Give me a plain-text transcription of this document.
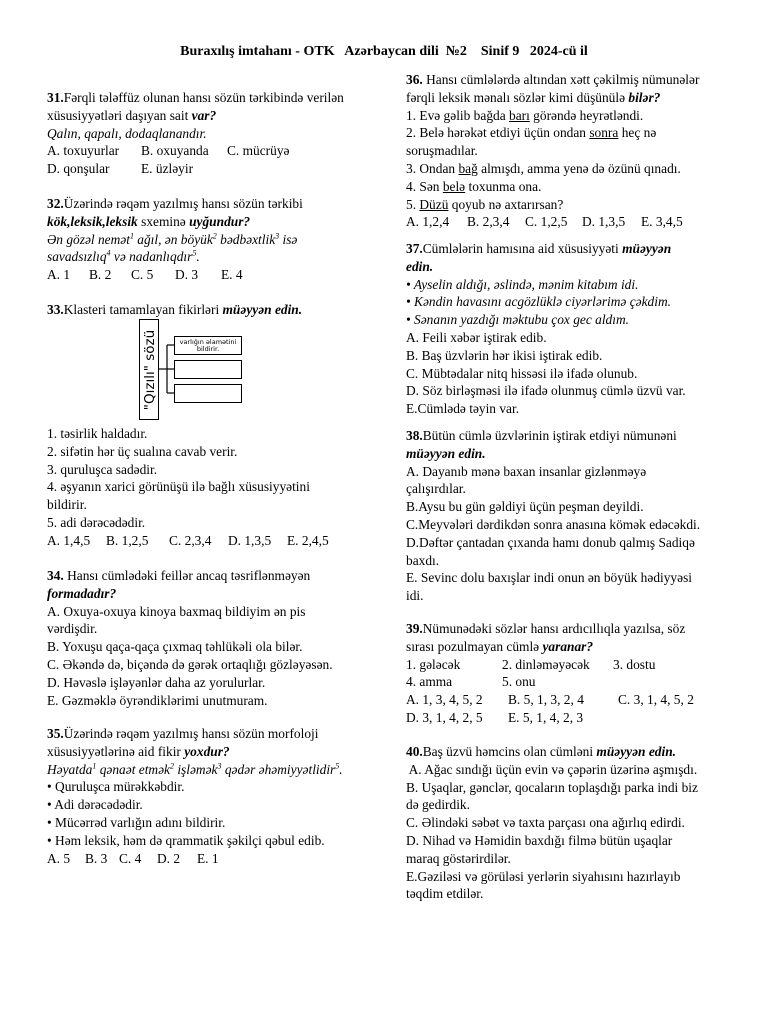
Buraxılış imtahanı - OTK   Azərbaycan dili  №2    Sinif 9   2024-cü il
31.Fərqli tələffüz olunan hansı sözün tərkibində verilən
xüsusiyyətləri daşıyan sait var?
Qalın, qapalı, dodaqlanandır.
A. toxuyurlar B. oxuyanda C. mücrüyə
D. qonşular E. üzləyir
32.Üzərində rəqəm yazılmış hansı sözün tərkibi
kök,leksik,leksik sxeminə uyğundur?
Ən gözəl nemət$^1$ ağıl, ən böyük$^2$ bədbəxtlik$^3$ isə
savadsızlıq$^4$ və nadanlıqdır$^5$.
A. 1 B. 2 C. 5 D. 3 E. 4
33.Klasteri tamamlayan fikirləri müəyyən edin.
"Qızılı" sözü	varlığın əlamətini bildirir.
1. təsirlik haldadır.
2. sifətin hər üç sualına cavab verir.
3. quruluşca sadədir.
4. əşyanın xarici görünüşü ilə bağlı xüsusiyyətini
bildirir.
5. adi dərəcədədir.
A. 1,4,5 B. 1,2,5 C. 2,3,4 D. 1,3,5 E. 2,4,5
34. Hansı cümlədəki feillər ancaq təsriflənməyən
formadadır?
A. Oxuya-oxuya kinoya baxmaq bildiyim ən pis
vərdişdir.
B. Yoxuşu qaça-qaça çıxmaq təhlükəli ola bilər.
C. Əkəndə də, biçəndə də gərək ortaqlığı gözləyəsən.
D. Həvəslə işləyənlər daha az yorulurlar.
E. Gəzməklə öyrəndiklərimi unutmuram.
35.Üzərində rəqəm yazılmış hansı sözün morfoloji
xüsusiyyətlərinə aid fikir yoxdur?
Həyatda$^1$ qənaət etmək$^2$ işləmək$^3$ qədər əhəmiyyətlidir$^5$.
• Quruluşca mürəkkəbdir.
• Adi dərəcədədir.
• Mücərrəd varlığın adını bildirir.
• Həm leksik, həm də qrammatik şəkilçi qəbul edib.
A. 5 B. 3 C. 4 D. 2 E. 1
36. Hansı cümlələrdə altından xətt çəkilmiş nümunələr
fərqli leksik mənalı sözlər kimi düşünülə bilər?
1. Evə gəlib bağda barı görəndə heyrətləndi.
2. Belə hərəkət etdiyi üçün ondan sonra heç nə
soruşmadılar.
3. Ondan bağ almışdı, amma yenə də özünü qınadı.
4. Sən belə toxunma ona.
5. Düzü qoyub nə axtarırsan?
A. 1,2,4 B. 2,3,4 C. 1,2,5 D. 1,3,5 E. 3,4,5
37.Cümlələrin hamısına aid xüsusiyyəti müəyyən
edin.
• Ayselin aldığı, əslində, mənim kitabım idi.
• Kəndin havasını acgözlüklə ciyərlərimə çəkdim.
• Sənanın yazdığı məktubu çox gec aldım.
A. Feili xəbər iştirak edib.
B. Baş üzvlərin hər ikisi iştirak edib.
C. Mübtədalar nitq hissəsi ilə ifadə olunub.
D. Söz birləşməsi ilə ifadə olunmuş cümlə üzvü var.
E.Cümlədə təyin var.
38.Bütün cümlə üzvlərinin iştirak etdiyi nümunəni
müəyyən edin.
A. Dayanıb mənə baxan insanlar gizlənməyə
çalışırdılar.
B.Aysu bu gün gəldiyi üçün peşman deyildi.
C.Meyvələri dərdikdən sonra anasına kömək edəcəkdi.
D.Dəftər çantadan çıxanda hamı donub qalmış Sadiqə
baxdı.
E. Sevinc dolu baxışlar indi onun ən böyük hədiyyəsi
idi.
39.Nümunədəki sözlər hansı ardıcıllıqla yazılsa, söz
sırası pozulmayan cümlə yaranar?
1. gələcək	2. dinləməyəcək 3. dostu
4. amma	5. onu
A. 1, 3, 4, 5, 2 B. 5, 1, 3, 2, 4	C. 3, 1, 4, 5, 2
D. 3, 1, 4, 2, 5 E. 5, 1, 4, 2, 3
40.Baş üzvü həmcins olan cümləni müəyyən edin.
A. Ağac sındığı üçün evin və çəpərin üzərinə aşmışdı.
B. Uşaqlar, gənclər, qocaların toplaşdığı parka indi biz
də gedirdik.
C. Əlindəki səbət və taxta parçası ona ağırlıq edirdi.
D. Nihad və Həmidin baxdığı filmə bütün uşaqlar
maraq göstərirdilər.
E.Gəziləsi və görüləsi yerlərin siyahısını hazırlayıb
təqdim etdilər.
